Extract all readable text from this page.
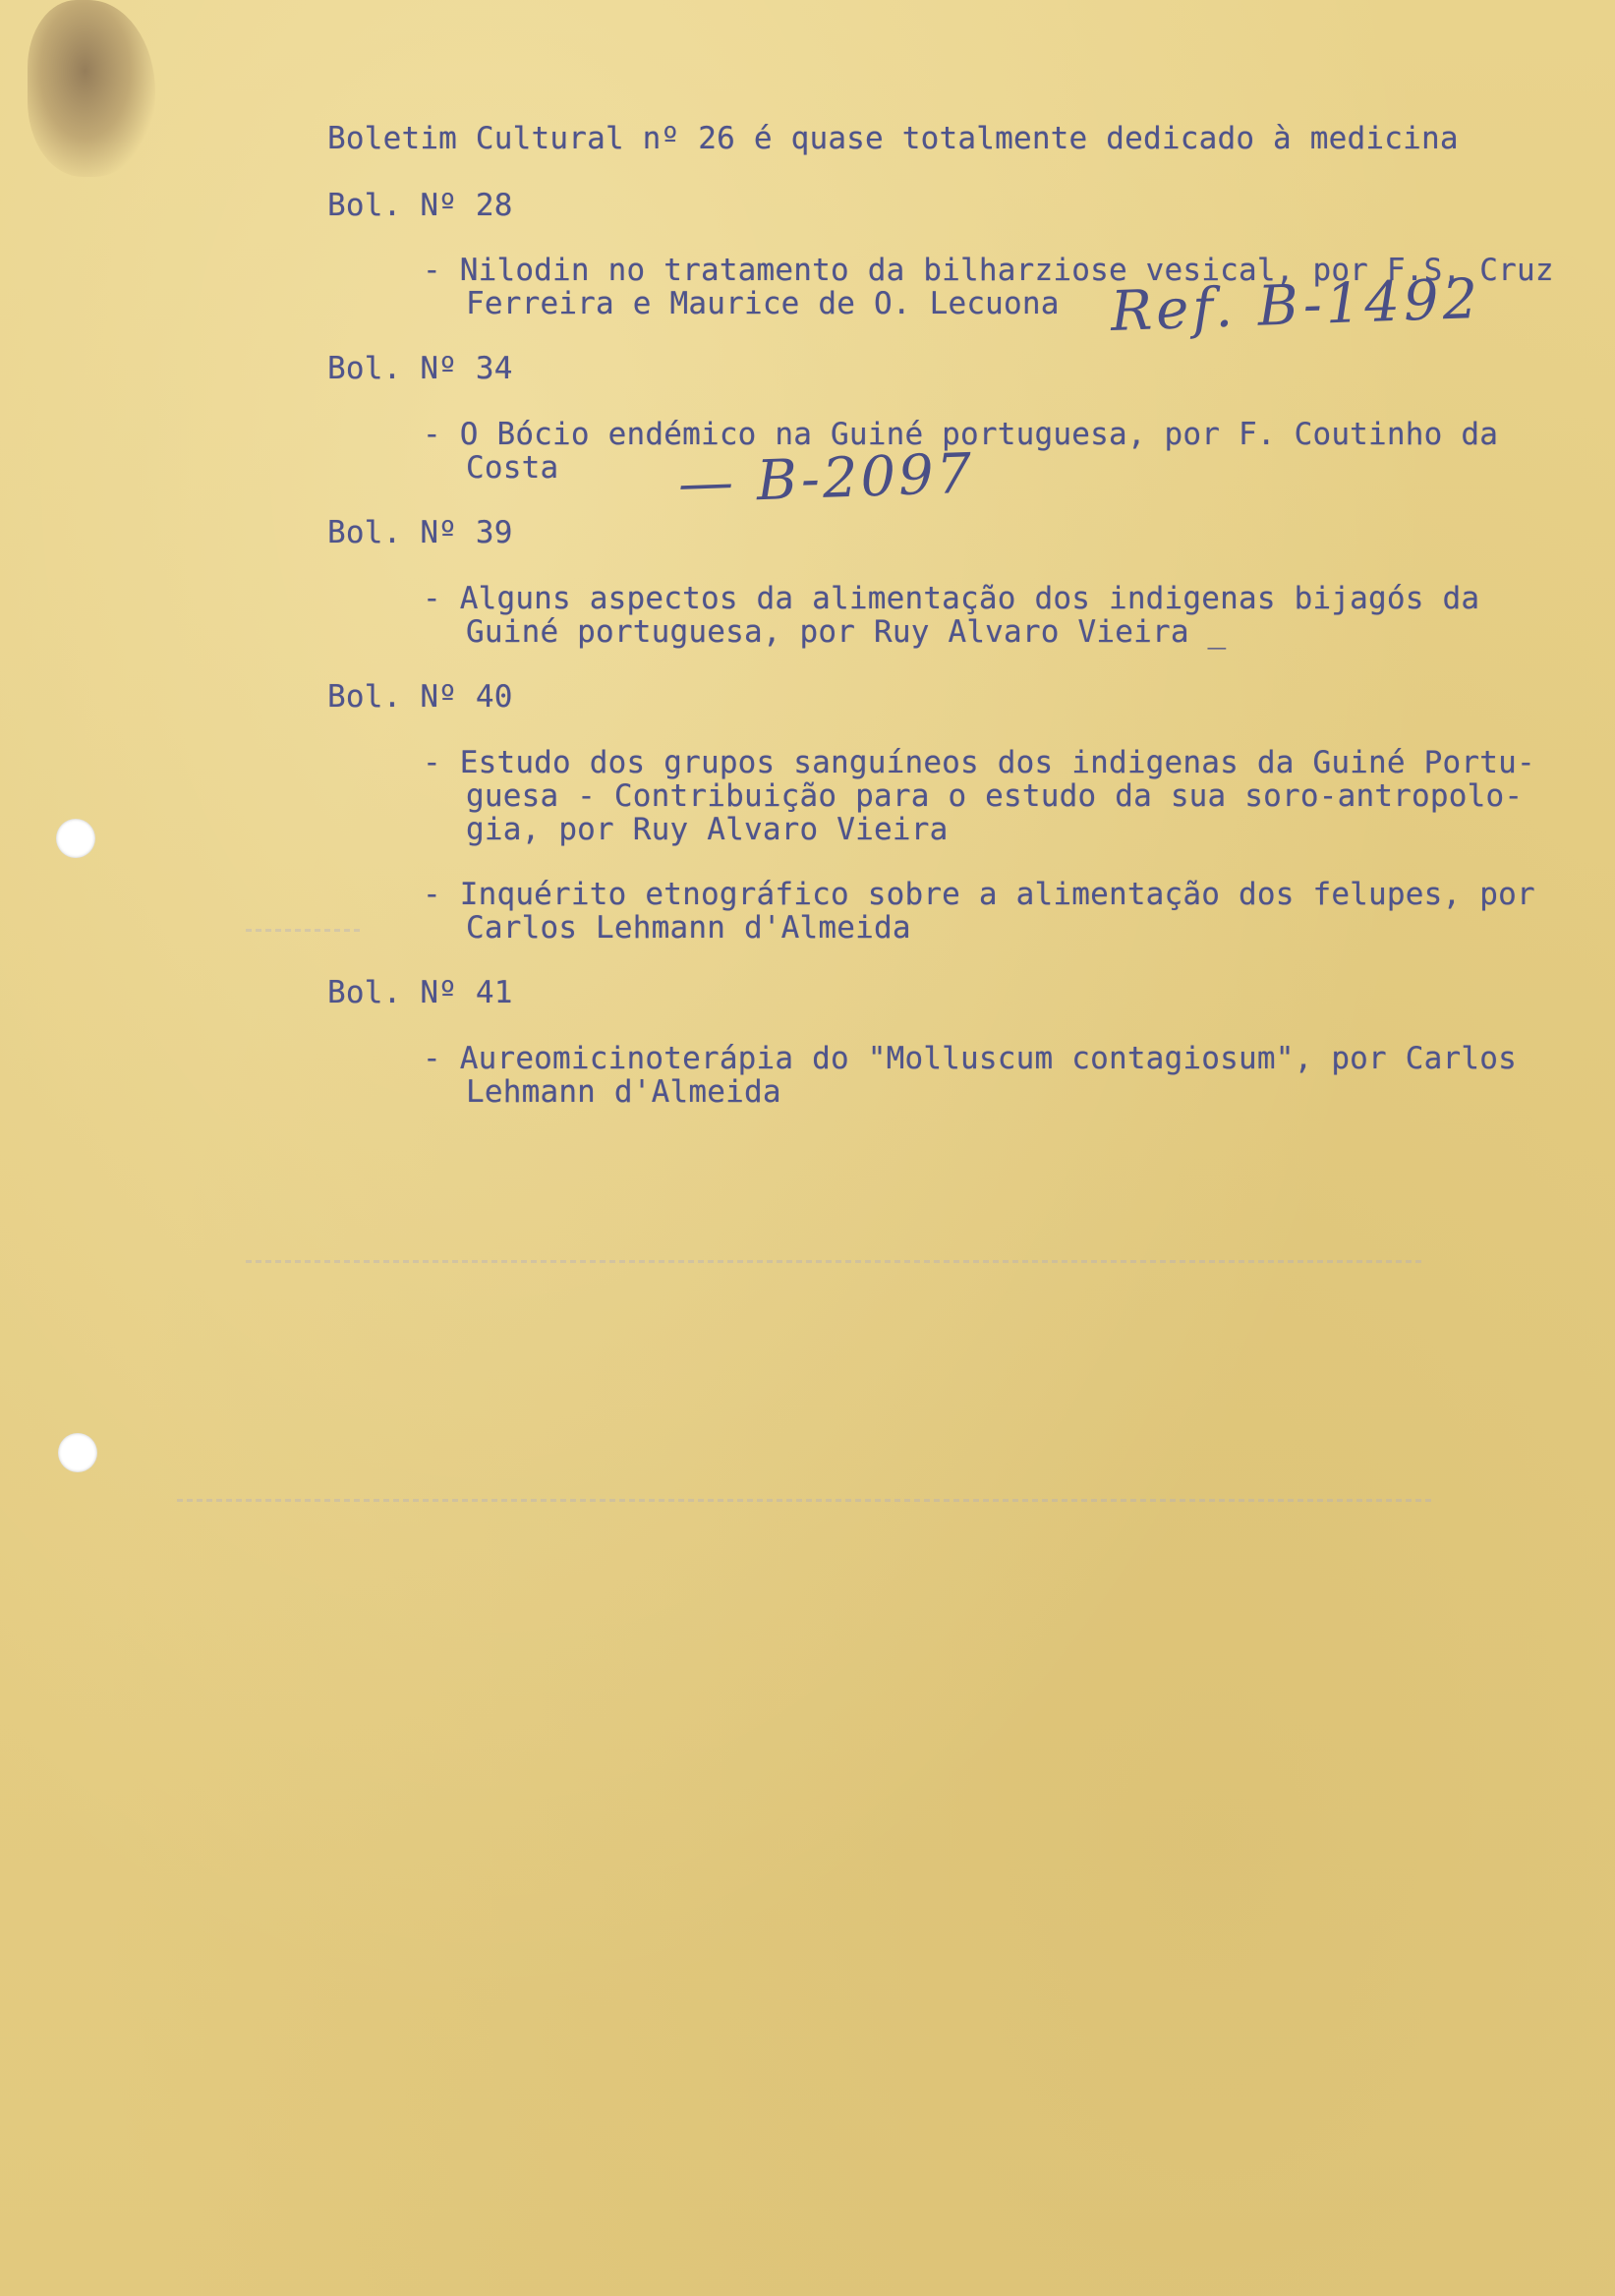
Boletim Cultural nº 26 é quase totalmente dedicado à medicina
Bol. Nº 28
- Nilodin no tratamento da bilharziose vesical, por F.S. Cruz
Ferreira e Maurice de O. Lecuona Ref. B-1492
Bol. Nº 34
- O Bócio endémico na Guiné portuguesa, por F. Coutinho da
Costa	— B-2097
Bol. Nº 39
- Alguns aspectos da alimentação dos indigenas bijagós da
Guiné portuguesa, por Ruy Alvaro Vieira _
Bol. Nº 40
- Estudo dos grupos sanguíneos dos indigenas da Guiné Portu-
guesa - Contribuição para o estudo da sua soro-antropolo-
gia, por Ruy Alvaro Vieira
- Inquérito etnográfico sobre a alimentação dos felupes, por
Carlos Lehmann d'Almeida
Bol. Nº 41
- Aureomicinoterápia do "Molluscum contagiosum", por Carlos
Lehmann d'Almeida
